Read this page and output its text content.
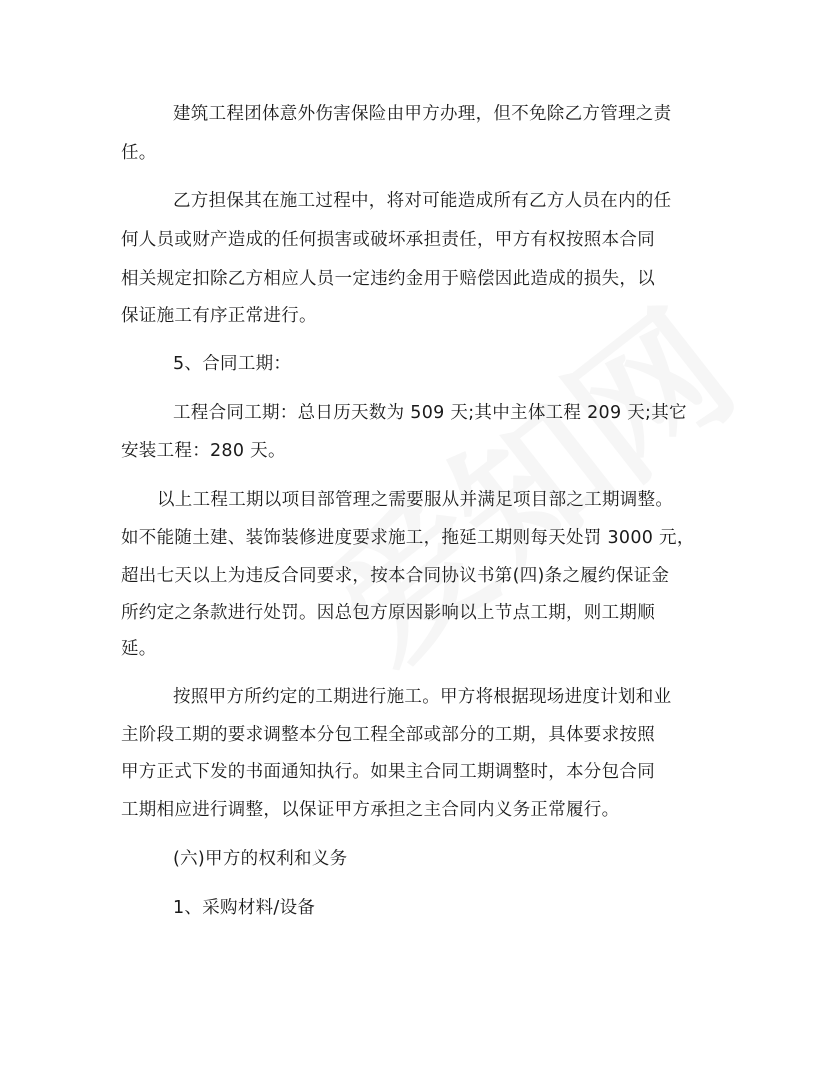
建筑工程团体意外伤害保险由甲方办理，但不免除乙方管理之责
任。
乙方担保其在施工过程中，将对可能造成所有乙方人员在内的任
何人员或财产造成的任何损害或破坏承担责任，甲方有权按照本合同
相关规定扣除乙方相应人员一定违约金用于赔偿因此造成的损失，以
保证施工有序正常进行。
5、合同工期：
工程合同工期：总日历天数为 509 天;其中主体工程 209 天;其它
安装工程：280 天。
以上工程工期以项目部管理之需要服从并满足项目部之工期调整。
如不能随土建、装饰装修进度要求施工，拖延工期则每天处罚 3000 元，
超出七天以上为违反合同要求，按本合同协议书第(四)条之履约保证金
所约定之条款进行处罚。因总包方原因影响以上节点工期，则工期顺
延。
按照甲方所约定的工期进行施工。甲方将根据现场进度计划和业
主阶段工期的要求调整本分包工程全部或部分的工期，具体要求按照
甲方正式下发的书面通知执行。如果主合同工期调整时，本分包合同
工期相应进行调整，以保证甲方承担之主合同内义务正常履行。
(六)甲方的权利和义务
1、采购材料/设备
